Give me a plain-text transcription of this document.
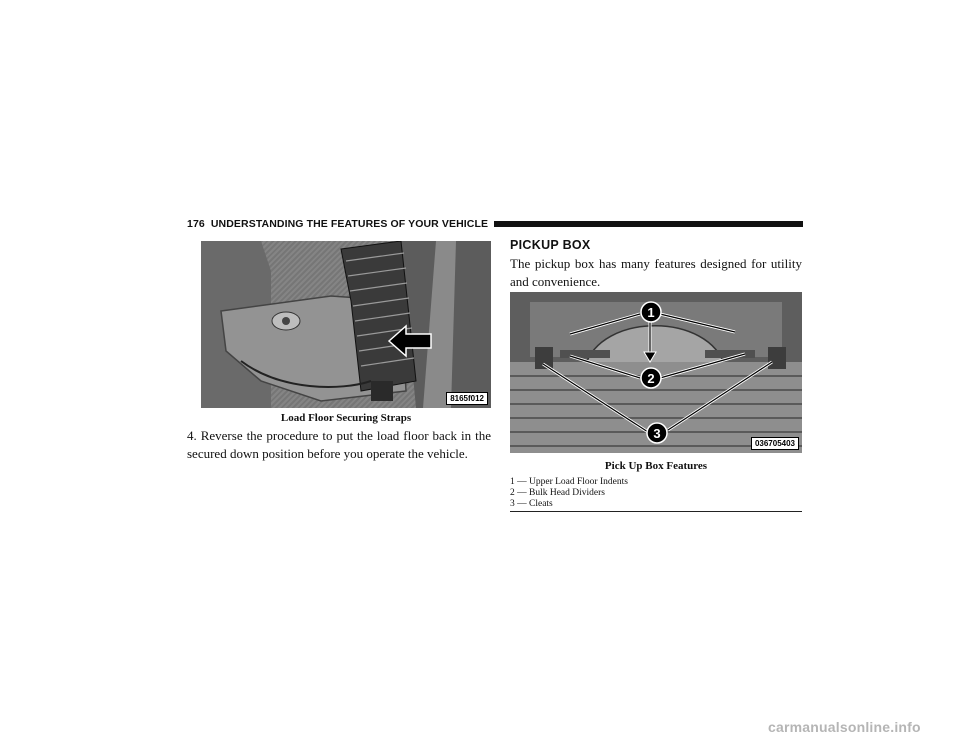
176 UNDERSTANDING THE FEATURES OF YOUR VEHICLE
8165f012
Load Floor Securing Straps
4. Reverse the procedure to put the load floor back in the secured down position before you operate the vehicle.
PICKUP BOX
The pickup box has many features designed for utility and convenience.
1
2
3
036705403
Pick Up Box Features
1 — Upper Load Floor Indents
2 — Bulk Head Dividers
3 — Cleats
carmanualsonline.info
